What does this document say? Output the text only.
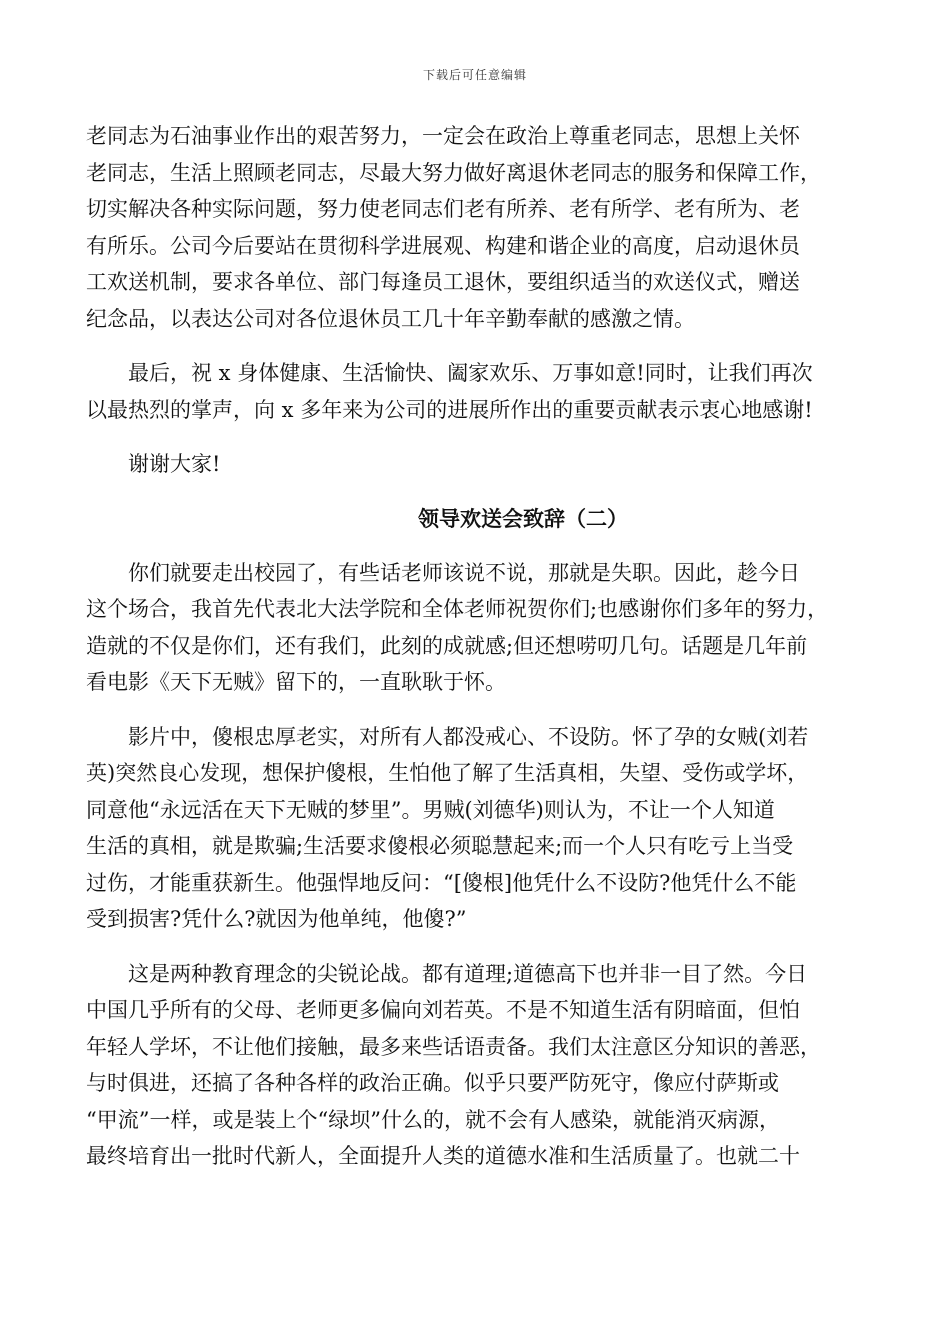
下载后可任意编辑
老同志为石油事业作出的艰苦努力，一定会在政治上尊重老同志，思想上关怀
老同志，生活上照顾老同志，尽最大努力做好离退休老同志的服务和保障工作，
切实解决各种实际问题，努力使老同志们老有所养、老有所学、老有所为、老
有所乐。公司今后要站在贯彻科学进展观、构建和谐企业的高度，启动退休员
工欢送机制，要求各单位、部门每逢员工退休，要组织适当的欢送仪式，赠送
纪念品，以表达公司对各位退休员工几十年辛勤奉献的感激之情。
　　最后，祝 x 身体健康、生活愉快、阖家欢乐、万事如意!同时，让我们再次
以最热烈的掌声，向 x 多年来为公司的进展所作出的重要贡献表示衷心地感谢!
　　谢谢大家!
领导欢送会致辞（二）
　　你们就要走出校园了，有些话老师该说不说，那就是失职。因此，趁今日
这个场合，我首先代表北大法学院和全体老师祝贺你们;也感谢你们多年的努力，
造就的不仅是你们，还有我们，此刻的成就感;但还想唠叨几句。话题是几年前
看电影《天下无贼》留下的，一直耿耿于怀。
　　影片中，傻根忠厚老实，对所有人都没戒心、不设防。怀了孕的女贼(刘若
英)突然良心发现，想保护傻根，生怕他了解了生活真相，失望、受伤或学坏，
同意他“永远活在天下无贼的梦里”。男贼(刘德华)则认为，不让一个人知道
生活的真相，就是欺骗;生活要求傻根必须聪慧起来;而一个人只有吃亏上当受
过伤，才能重获新生。他强悍地反问：“[傻根]他凭什么不设防?他凭什么不能
受到损害?凭什么?就因为他单纯，他傻?”
　　这是两种教育理念的尖锐论战。都有道理;道德高下也并非一目了然。今日
中国几乎所有的父母、老师更多偏向刘若英。不是不知道生活有阴暗面，但怕
年轻人学坏，不让他们接触，最多来些话语责备。我们太注意区分知识的善恶，
与时俱进，还搞了各种各样的政治正确。似乎只要严防死守，像应付萨斯或
“甲流”一样，或是装上个“绿坝”什么的，就不会有人感染，就能消灭病源，
最终培育出一批时代新人，全面提升人类的道德水准和生活质量了。也就二十
